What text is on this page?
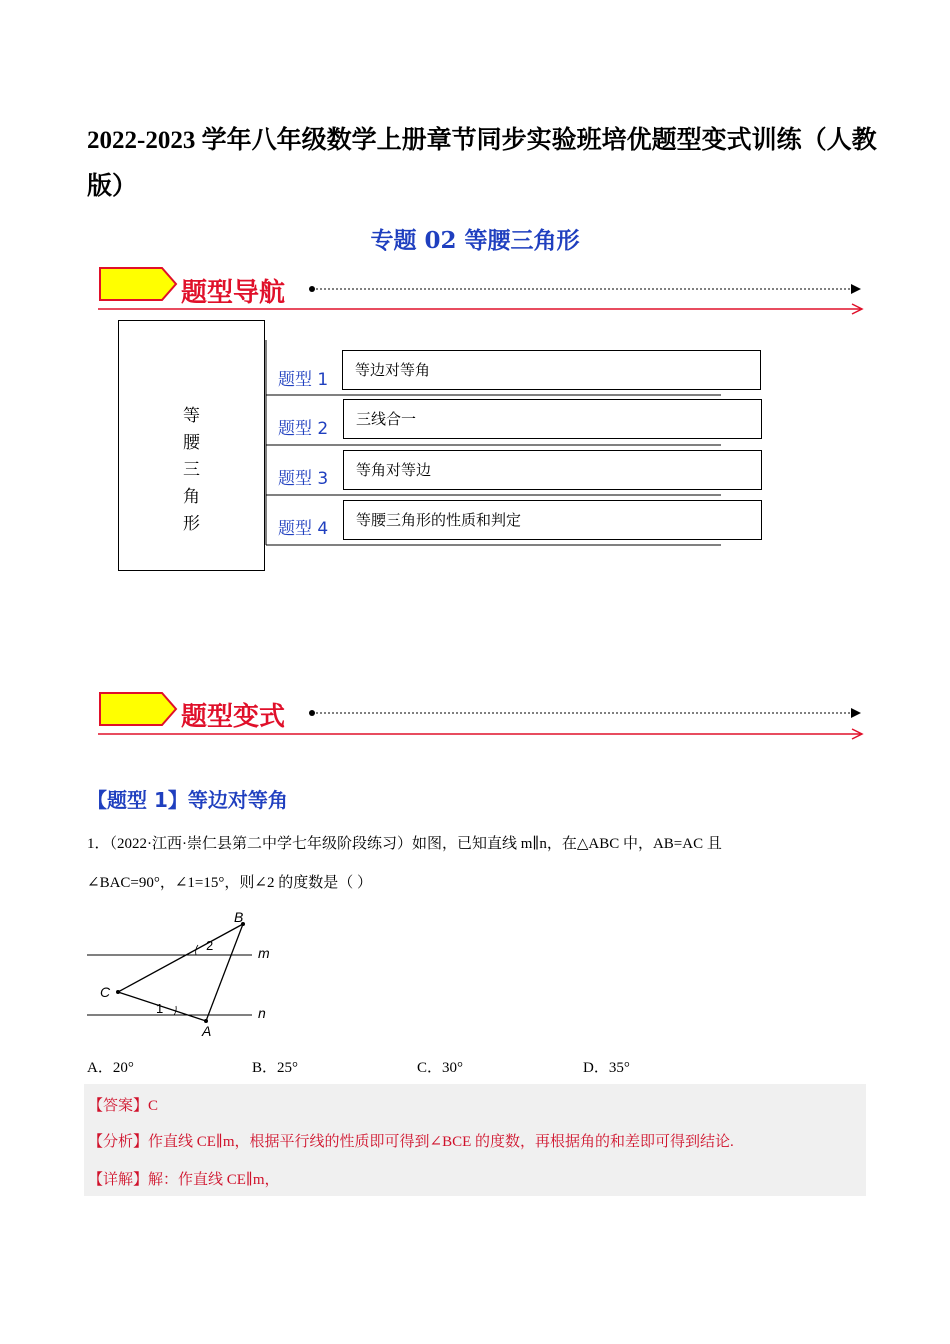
2022-2023 学年八年级数学上册章节同步实验班培优题型变式训练（人教版）
专题 02 等腰三角形
题型导航
等
腰
三
角
形
题型 1	等边对等角
题型 2	三线合一
题型 3	等角对等边
题型 4	等腰三角形的性质和判定
题型变式
【题型 1】等边对等角
1．（2022·江西·崇仁县第二中学七年级阶段练习）如图，已知直线 m∥n，在△ABC 中，AB=AC 且
∠BAC=90°，∠1=15°，则∠2 的度数是（ ）
B
C
A
m
n
2
1
A．20°	B．25°	C．30°	D．35°
【答案】C
【分析】作直线 CE∥m，根据平行线的性质即可得到∠BCE 的度数，再根据角的和差即可得到结论.
【详解】解：作直线 CE∥m，
